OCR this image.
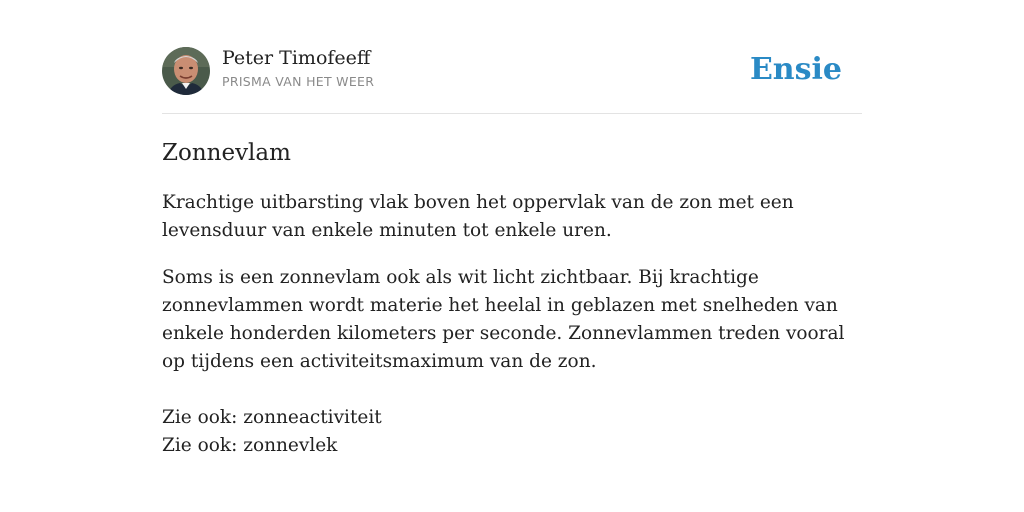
Peter Timofeeff
PRISMA VAN HET WEER	Ensie
Zonnevlam

Krachtige uitbarsting vlak boven het oppervlak van de zon met een levensduur van enkele minuten tot enkele uren.

Soms is een zonnevlam ook als wit licht zichtbaar. Bij krachtige zonnevlammen wordt materie het heelal in geblazen met snelheden van enkele honderden kilometers per seconde. Zonnevlammen treden vooral op tijdens een activiteitsmaximum van de zon.

Zie ook: zonneactiviteit
Zie ook: zonnevlek
